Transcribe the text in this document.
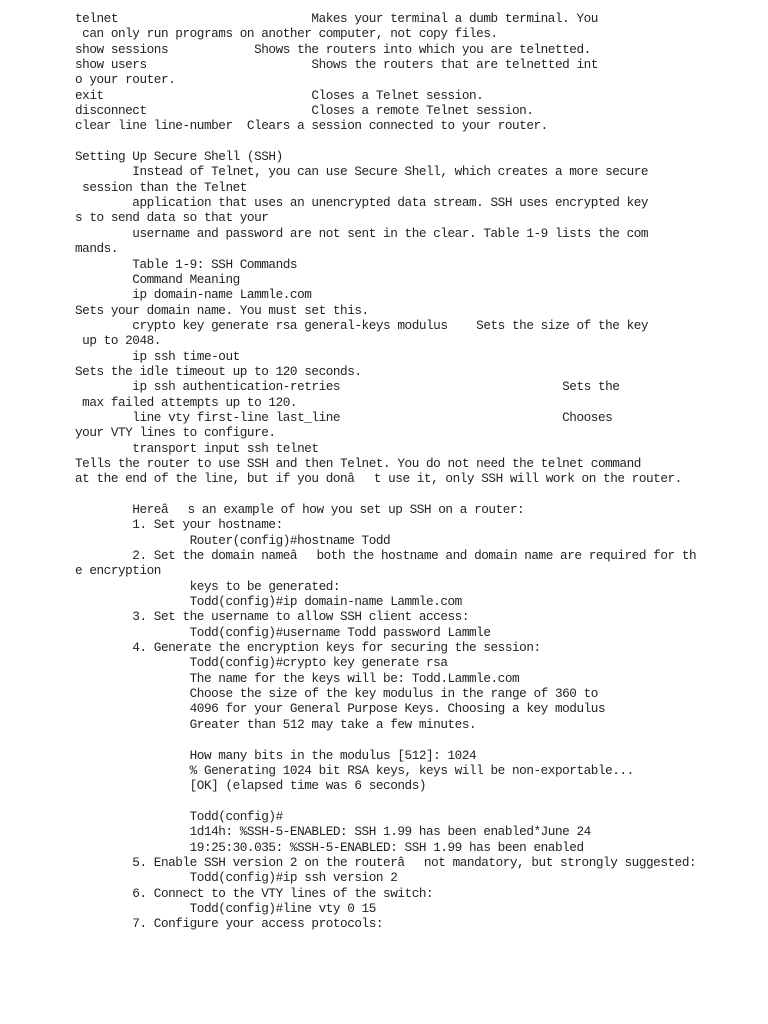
telnet                           Makes your terminal a dumb terminal. You
can only run programs on another computer, not copy files.
show sessions            Shows the routers into which you are telnetted.
show users                       Shows the routers that are telnetted int
o your router.
exit                             Closes a Telnet session.
disconnect                       Closes a remote Telnet session.
clear line line-number  Clears a session connected to your router.
Setting Up Secure Shell (SSH)
Instead of Telnet, you can use Secure Shell, which creates a more secure
session than the Telnet
application that uses an unencrypted data stream. SSH uses encrypted key
s to send data so that your
username and password are not sent in the clear. Table 1-9 lists the com
mands.
Table 1-9: SSH Commands
Command Meaning
ip domain-name Lammle.com
Sets your domain name. You must set this.
crypto key generate rsa general-keys modulus    Sets the size of the key
up to 2048.
ip ssh time-out
Sets the idle timeout up to 120 seconds.
ip ssh authentication-retries                               Sets the
max failed attempts up to 120.
line vty first-line last_line                               Chooses
your VTY lines to configure.
transport input ssh telnet
Tells the router to use SSH and then Telnet. You do not need the telnet command
at the end of the line, but if you donât use it, only SSH will work on the router.
Hereâs an example of how you set up SSH on a router:
1. Set your hostname:
Router(config)#hostname Todd
2. Set the domain nameâboth the hostname and domain name are required for th
e encryption
keys to be generated:
Todd(config)#ip domain-name Lammle.com
3. Set the username to allow SSH client access:
Todd(config)#username Todd password Lammle
4. Generate the encryption keys for securing the session:
Todd(config)#crypto key generate rsa
The name for the keys will be: Todd.Lammle.com
Choose the size of the key modulus in the range of 360 to
4096 for your General Purpose Keys. Choosing a key modulus
Greater than 512 may take a few minutes.
How many bits in the modulus [512]: 1024
% Generating 1024 bit RSA keys, keys will be non-exportable...
[OK] (elapsed time was 6 seconds)
Todd(config)#
1d14h: %SSH-5-ENABLED: SSH 1.99 has been enabled*June 24
19:25:30.035: %SSH-5-ENABLED: SSH 1.99 has been enabled
5. Enable SSH version 2 on the routerânot mandatory, but strongly suggested:
Todd(config)#ip ssh version 2
6. Connect to the VTY lines of the switch:
Todd(config)#line vty 0 15
7. Configure your access protocols:
